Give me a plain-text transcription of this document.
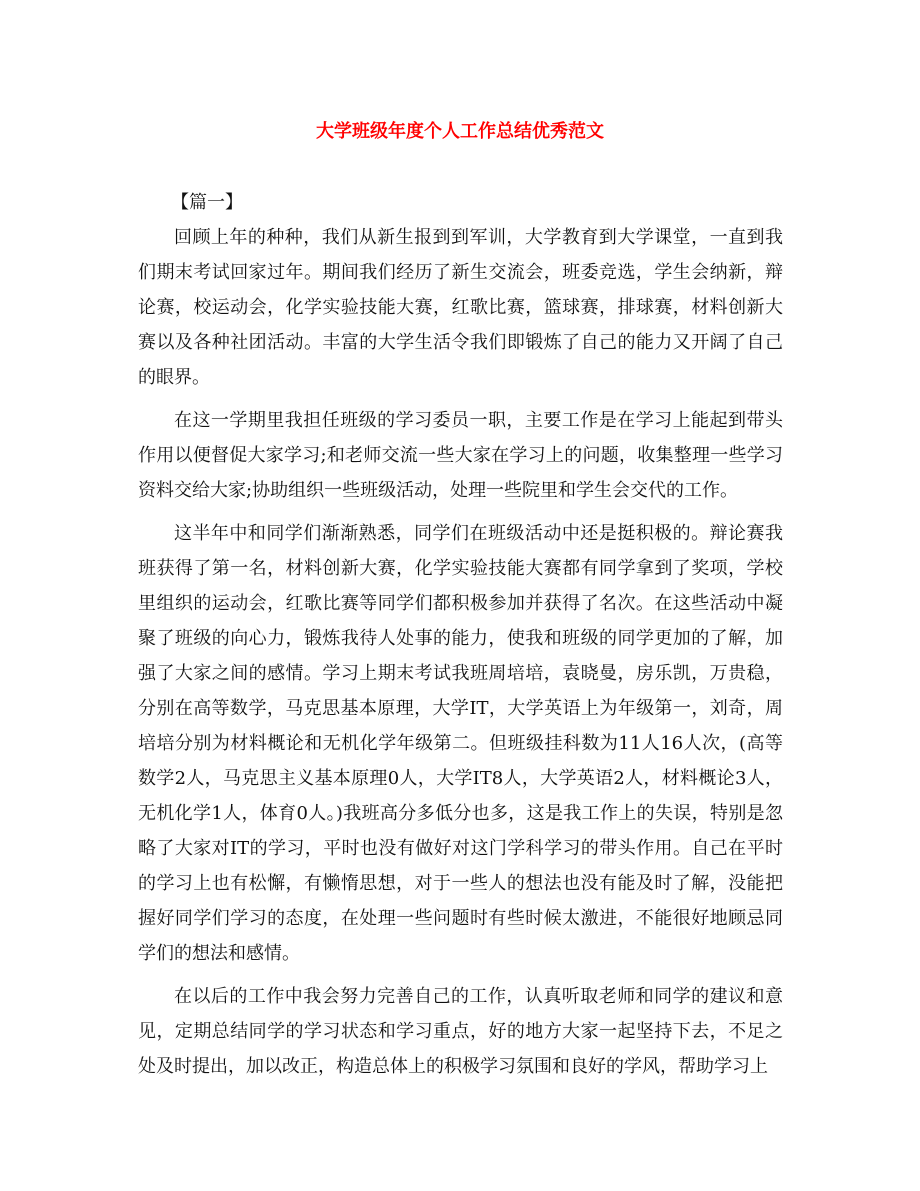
大学班级年度个人工作总结优秀范文

【篇一】

回顾上年的种种，我们从新生报到到军训，大学教育到大学课堂，一直到我们期末考试回家过年。期间我们经历了新生交流会，班委竞选，学生会纳新，辩论赛，校运动会，化学实验技能大赛，红歌比赛，篮球赛，排球赛，材料创新大赛以及各种社团活动。丰富的大学生活令我们即锻炼了自己的能力又开阔了自己的眼界。

在这一学期里我担任班级的学习委员一职，主要工作是在学习上能起到带头作用以便督促大家学习;和老师交流一些大家在学习上的问题，收集整理一些学习资料交给大家;协助组织一些班级活动，处理一些院里和学生会交代的工作。

这半年中和同学们渐渐熟悉，同学们在班级活动中还是挺积极的。辩论赛我班获得了第一名，材料创新大赛，化学实验技能大赛都有同学拿到了奖项，学校里组织的运动会，红歌比赛等同学们都积极参加并获得了名次。在这些活动中凝聚了班级的向心力，锻炼我待人处事的能力，使我和班级的同学更加的了解，加强了大家之间的感情。学习上期末考试我班周培培，袁晓曼，房乐凯，万贵稳，分别在高等数学，马克思基本原理，大学IT，大学英语上为年级第一，刘奇，周培培分别为材料概论和无机化学年级第二。但班级挂科数为11人16人次，(高等数学2人，马克思主义基本原理0人，大学IT8人，大学英语2人，材料概论3人，无机化学1人，体育0人。)我班高分多低分也多，这是我工作上的失误，特别是忽略了大家对IT的学习，平时也没有做好对这门学科学习的带头作用。自己在平时的学习上也有松懈，有懒惰思想，对于一些人的想法也没有能及时了解，没能把握好同学们学习的态度，在处理一些问题时有些时候太激进，不能很好地顾忌同学们的想法和感情。

在以后的工作中我会努力完善自己的工作，认真听取老师和同学的建议和意见，定期总结同学的学习状态和学习重点，好的地方大家一起坚持下去，不足之处及时提出，加以改正，构造总体上的积极学习氛围和良好的学风，帮助学习上
